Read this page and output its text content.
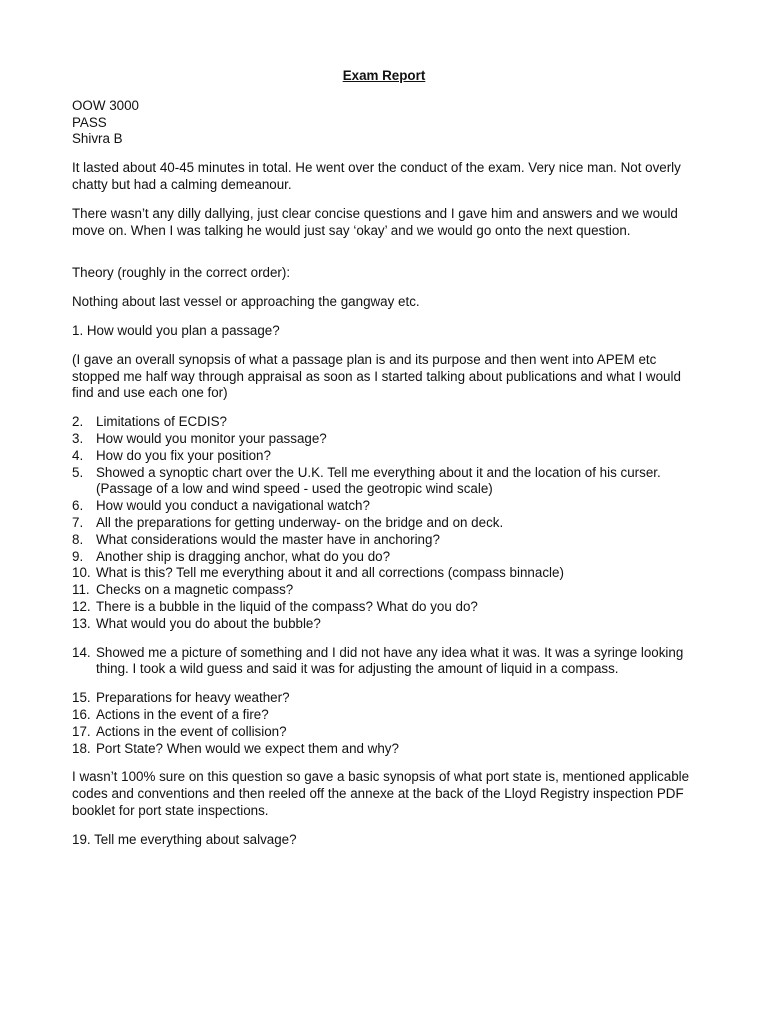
Exam Report
OOW 3000
PASS
Shivra B
It lasted about 40-45 minutes in total. He went over the conduct of the exam. Very nice man. Not overly chatty but had a calming demeanour.
There wasn’t any dilly dallying, just clear concise questions and I gave him and answers and we would move on. When I was talking he would just say ‘okay’ and we would go onto the next question.
Theory (roughly in the correct order):
Nothing about last vessel or approaching the gangway etc.
1. How would you plan a passage?
(I gave an overall synopsis of what a passage plan is and its purpose and then went into APEM etc stopped me half way through appraisal as soon as I started talking about publications and what I would find and use each one for)
2. Limitations of ECDIS?
3. How would you monitor your passage?
4. How do you fix your position?
5. Showed a synoptic chart over the U.K. Tell me everything about it and the location of his curser. (Passage of a low and wind speed - used the geotropic wind scale)
6. How would you conduct a navigational watch?
7. All the preparations for getting underway- on the bridge and on deck.
8. What considerations would the master have in anchoring?
9. Another ship is dragging anchor, what do you do?
10. What is this? Tell me everything about it and all corrections (compass binnacle)
11. Checks on a magnetic compass?
12. There is a bubble in the liquid of the compass? What do you do?
13. What would you do about the bubble?
14. Showed me a picture of something and I did not have any idea what it was. It was a syringe looking thing. I took a wild guess and said it was for adjusting the amount of liquid in a compass.
15. Preparations for heavy weather?
16. Actions in the event of a fire?
17. Actions in the event of collision?
18. Port State? When would we expect them and why?
I wasn’t 100% sure on this question so gave a basic synopsis of what port state is, mentioned applicable codes and conventions and then reeled off the annexe at the back of the Lloyd Registry inspection PDF booklet for port state inspections.
19. Tell me everything about salvage?
